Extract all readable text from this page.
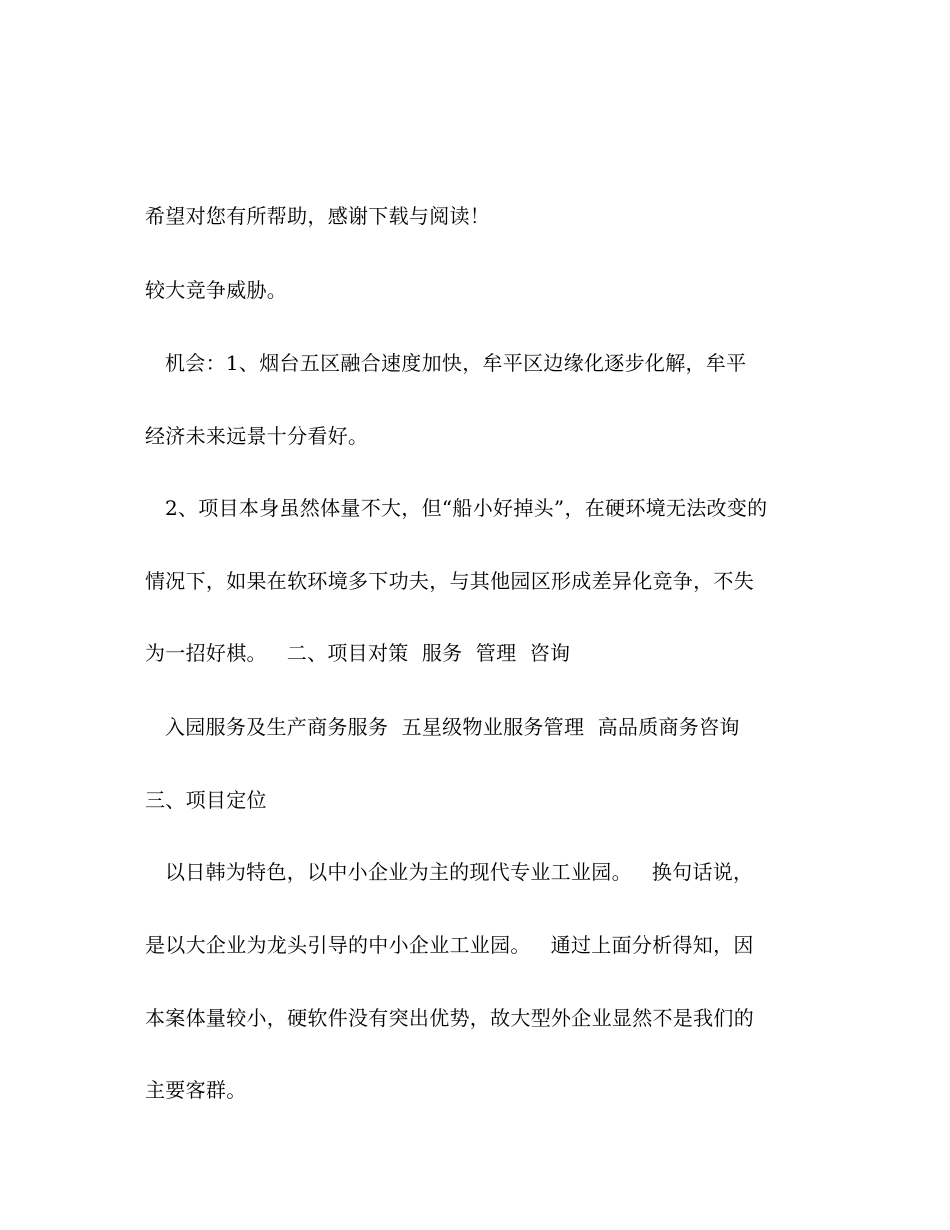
希望对您有所帮助，感谢下载与阅读！
较大竞争威胁。
机会：1、烟台五区融合速度加快，牟平区边缘化逐步化解，牟平
经济未来远景十分看好。
2、项目本身虽然体量不大，但“船小好掉头”，在硬环境无法改变的
情况下，如果在软环境多下功夫，与其他园区形成差异化竞争，不失
为一招好棋。   二、项目对策  服务  管理  咨询
入园服务及生产商务服务  五星级物业服务管理  高品质商务咨询
三、项目定位
以日韩为特色，以中小企业为主的现代专业工业园。   换句话说，
是以大企业为龙头引导的中小企业工业园。   通过上面分析得知，因
本案体量较小，硬软件没有突出优势，故大型外企业显然不是我们的
主要客群。
